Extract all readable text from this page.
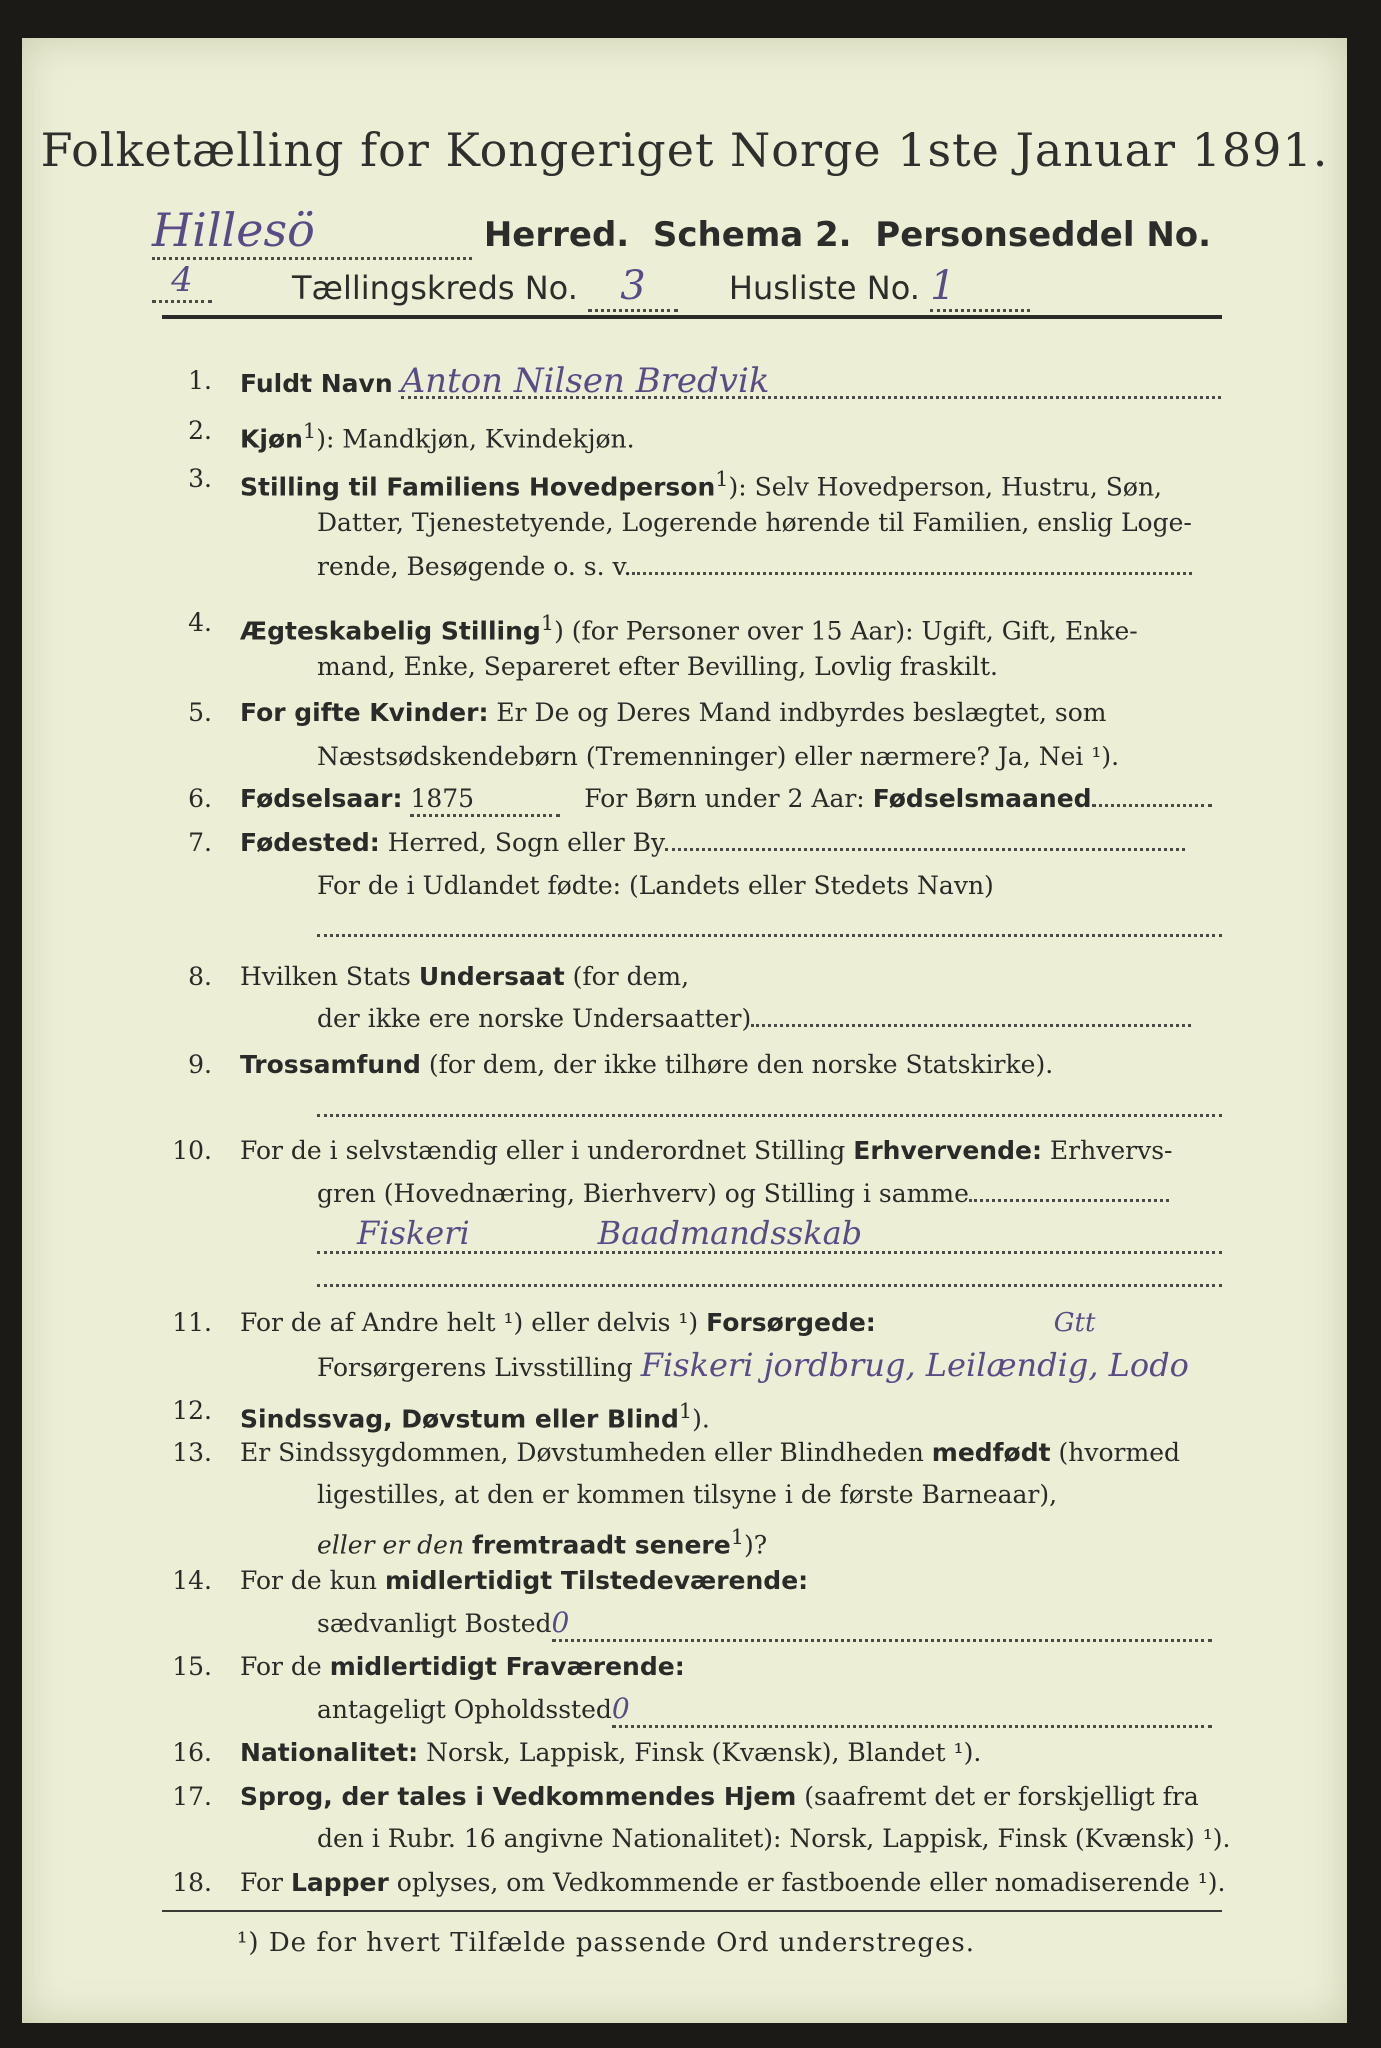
Folketælling for Kongeriget Norge 1ste Januar 1891.
Hillesö	Herred. Schema 2. Personseddel No. 4	Tællingskreds No. 3	Husliste No. 1
1. Fuldt Navn Anton Nilsen Bredvik
2. Kjøn$^1$): Mandkjøn, Kvindekjøn.
3. Stilling til Familiens Hovedperson$^1$): Selv Hovedperson, Hustru, Søn,
Datter, Tjenestetyende, Logerende hørende til Familien, enslig Loge-
rende, Besøgende o. s. v.
4. Ægteskabelig Stilling$^1$) (for Personer over 15 Aar): Ugift, Gift, Enke-
mand, Enke, Separeret efter Bevilling, Lovlig fraskilt.
5. For gifte Kvinder: Er De og Deres Mand indbyrdes beslægtet, som
Næstsødskendebørn (Tremenninger) eller nærmere? Ja, Nei ¹).
6. Fødselsaar: 1875	For Børn under 2 Aar: Fødselsmaaned
7. Fødested: Herred, Sogn eller By
For de i Udlandet fødte: (Landets eller Stedets Navn)
8. Hvilken Stats Undersaat (for dem,
der ikke ere norske Undersaatter)
9. Trossamfund (for dem, der ikke tilhøre den norske Statskirke).
10. For de i selvstændig eller i underordnet Stilling Erhvervende: Erhvervs-
gren (Hovednæring, Bierhverv) og Stilling i samme
Fiskeri	Baadmandsskab
11. For de af Andre helt ¹) eller delvis ¹) Forsørgede:	Gtt
Forsørgerens Livsstilling Fiskeri jordbrug, Leilændig, Lodo
12. Sindssvag, Døvstum eller Blind$^1$).
13. Er Sindssygdommen, Døvstumheden eller Blindheden medfødt (hvormed
ligestilles, at den er kommen tilsyne i de første Barneaar),
eller er den fremtraadt senere$^1$)?
14. For de kun midlertidigt Tilstedeværende:
sædvanligt Bosted0
15. For de midlertidigt Fraværende:
antageligt Opholdssted0
16. Nationalitet: Norsk, Lappisk, Finsk (Kvænsk), Blandet ¹).
17. Sprog, der tales i Vedkommendes Hjem (saafremt det er forskjelligt fra
den i Rubr. 16 angivne Nationalitet): Norsk, Lappisk, Finsk (Kvænsk) ¹).
18. For Lapper oplyses, om Vedkommende er fastboende eller nomadiserende ¹).
¹) De for hvert Tilfælde passende Ord understreges.
